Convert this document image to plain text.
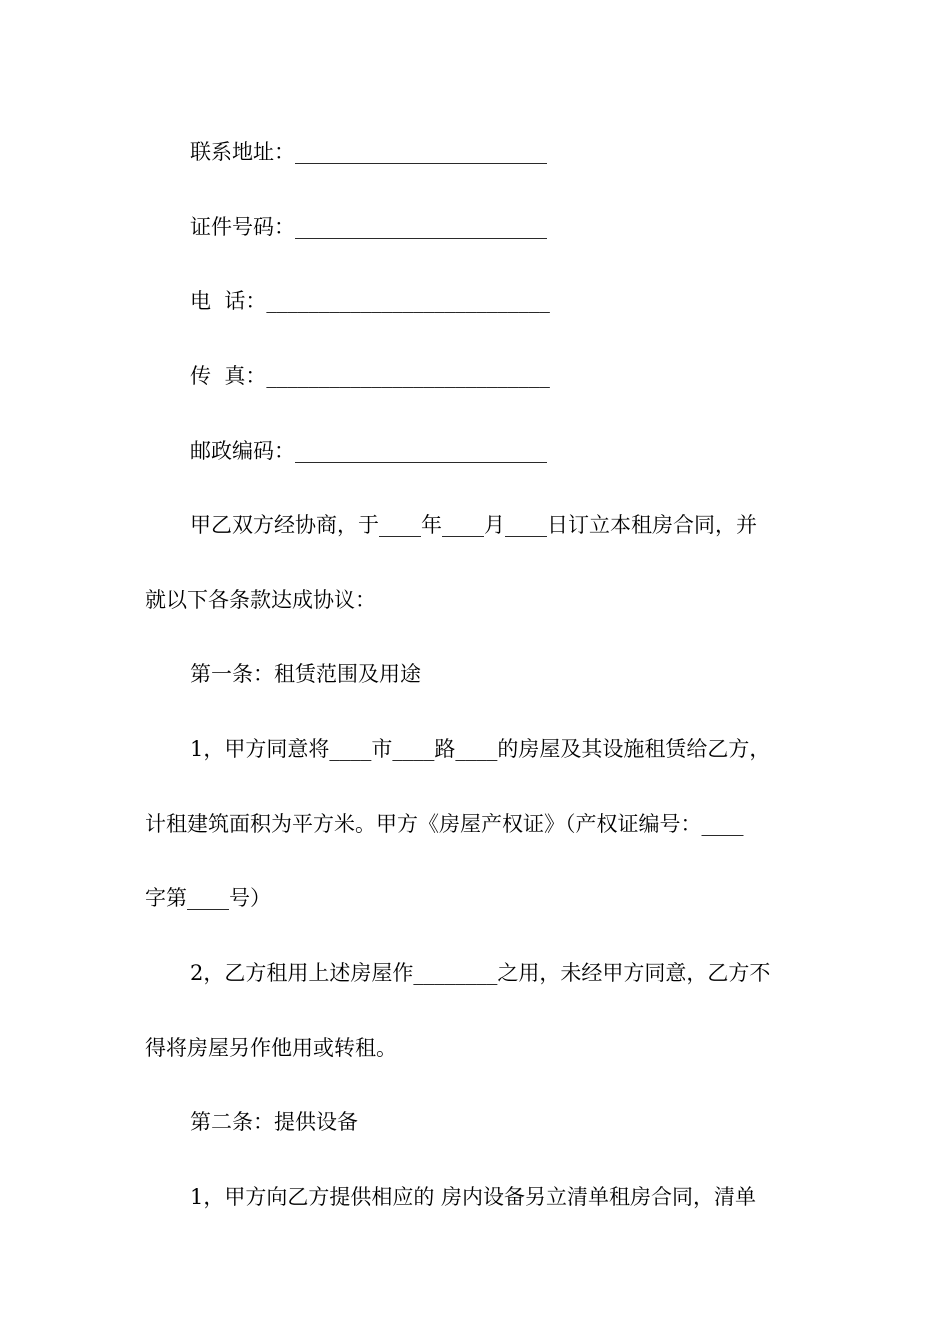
联系地址：________________________
证件号码：________________________
电  话：___________________________
传  真：___________________________
邮政编码：________________________
甲乙双方经协商，于____年____月____日订立本租房合同，并
就以下各条款达成协议：
第一条：租赁范围及用途
1，甲方同意将____市____路____的房屋及其设施租赁给乙方，
计租建筑面积为平方米。甲方《房屋产权证》（产权证编号：____
字第____号）
2，乙方租用上述房屋作________之用，未经甲方同意，乙方不
得将房屋另作他用或转租。
第二条：提供设备
1，甲方向乙方提供相应的 房内设备另立清单租房合同，清单
